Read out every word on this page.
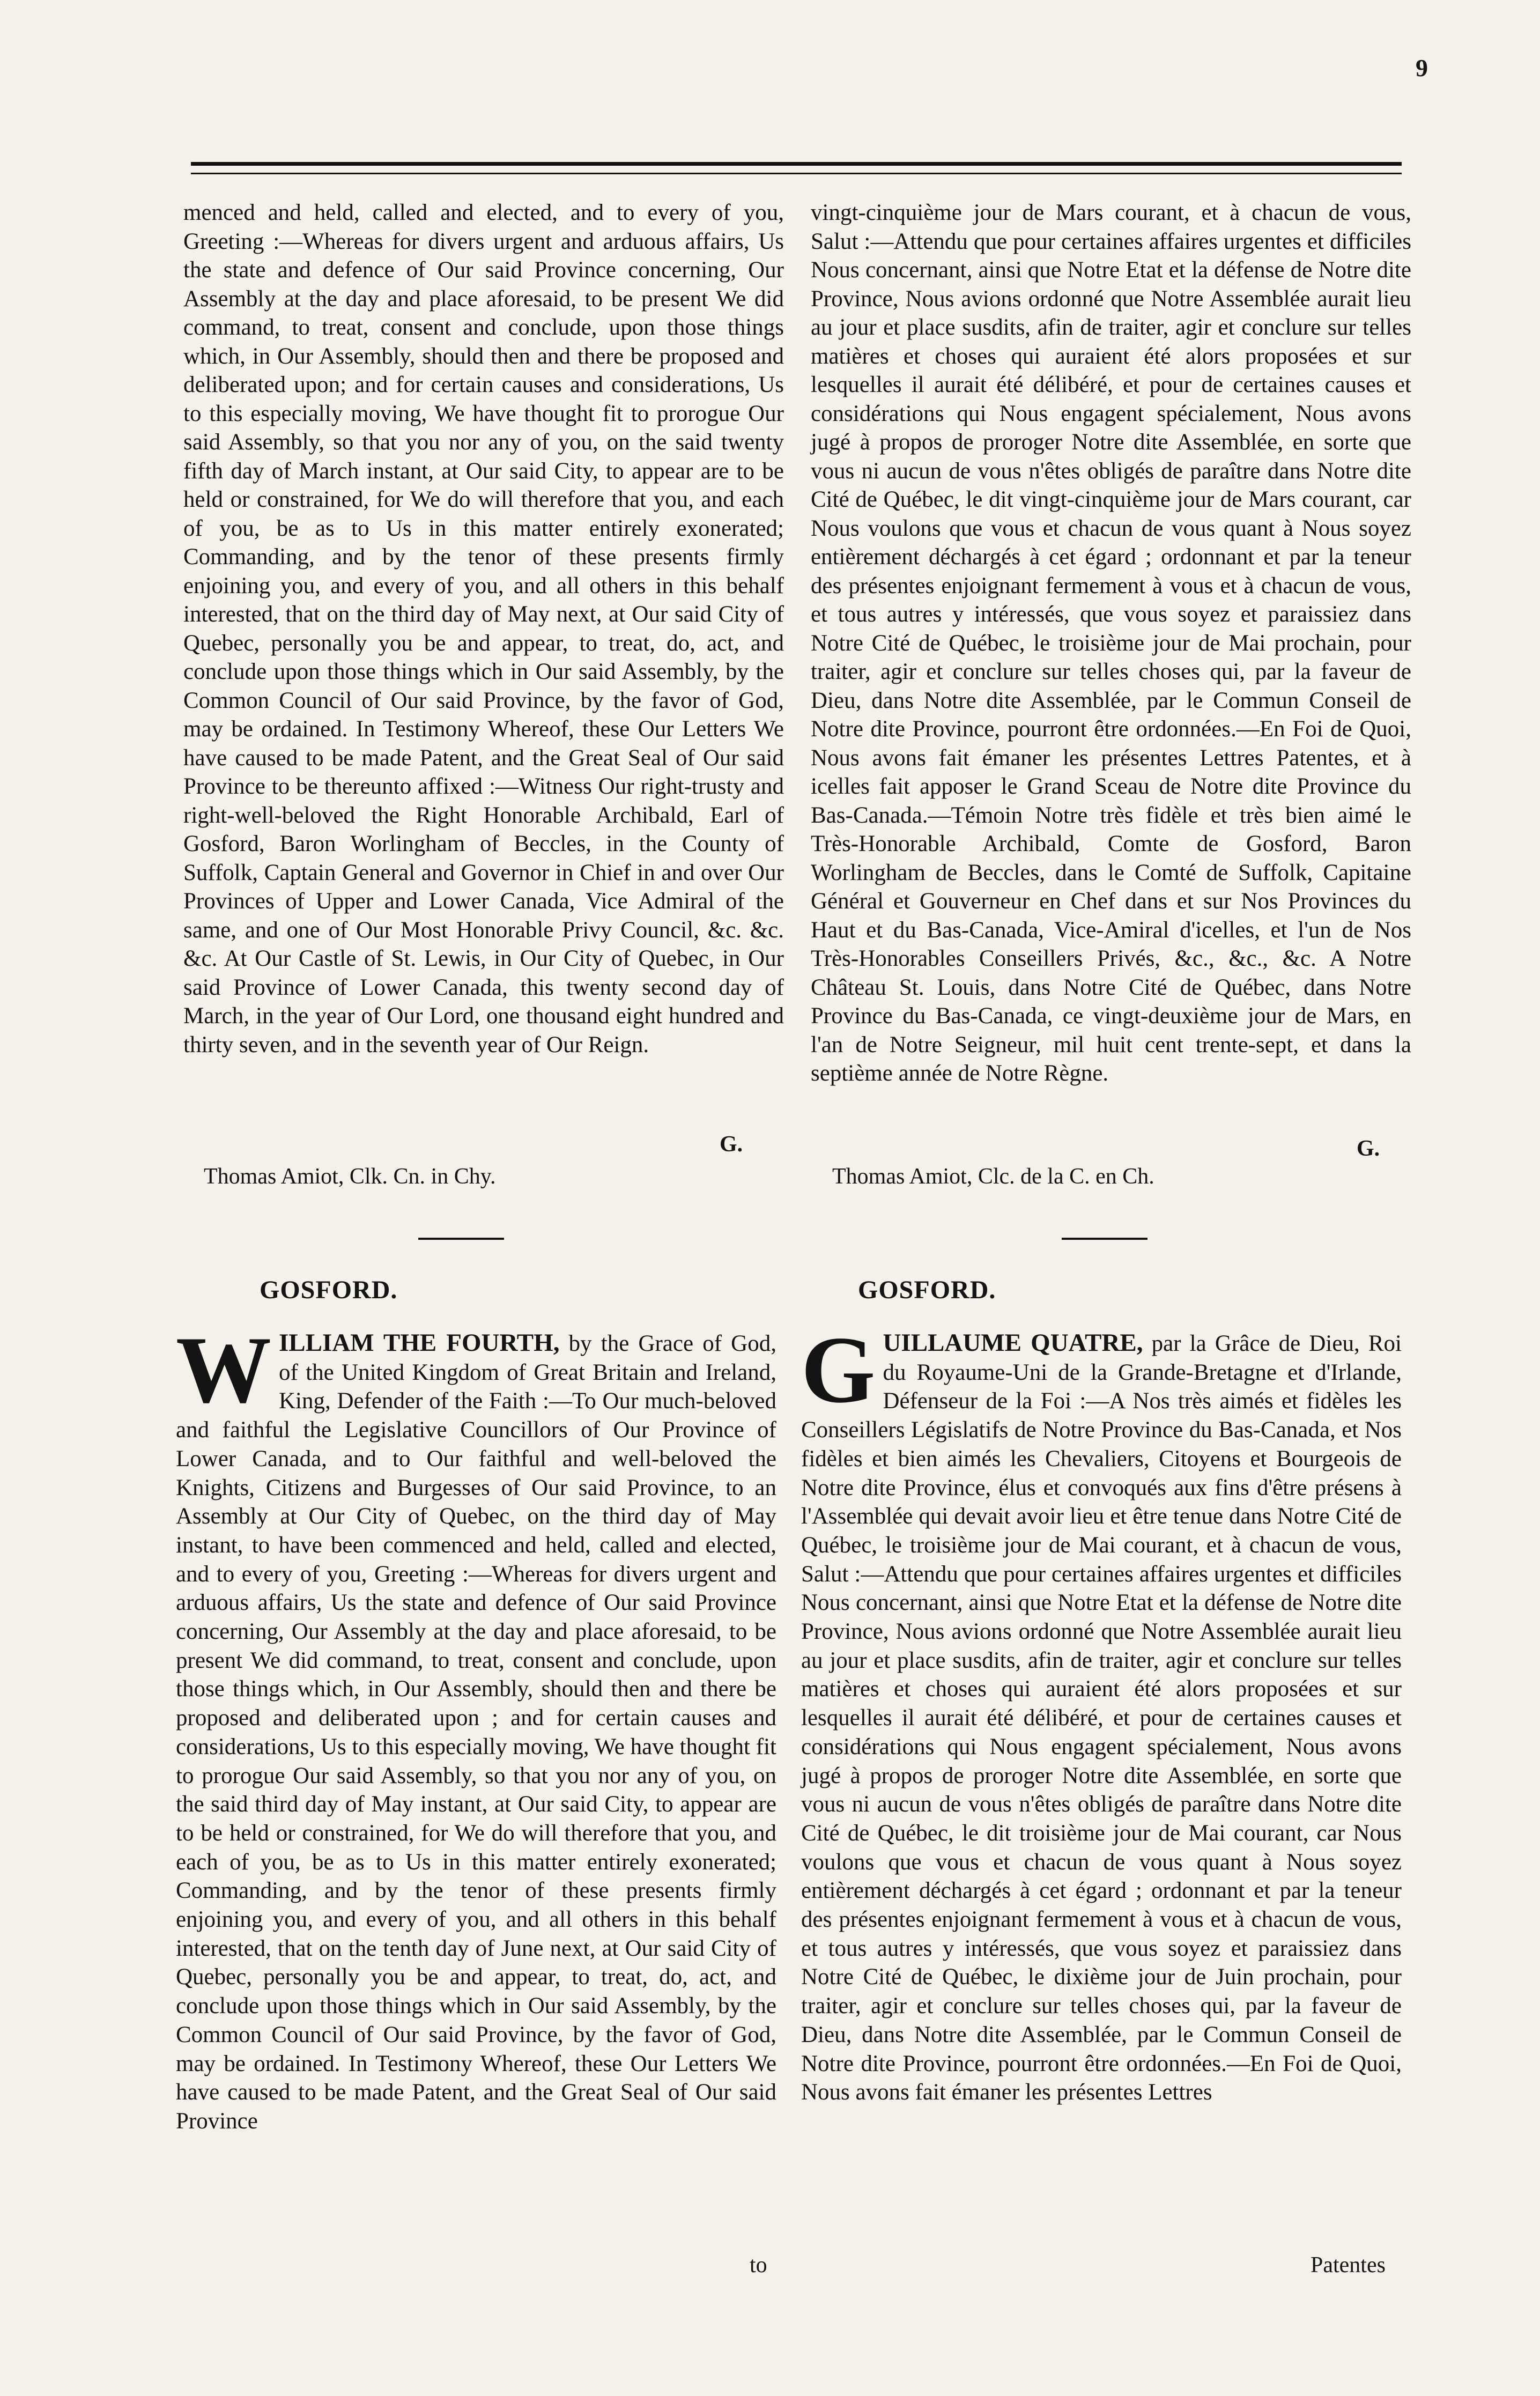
9

menced and held, called and elected, and to every of you, Greeting :—Whereas for divers urgent and arduous affairs, Us the state and defence of Our said Province concerning, Our Assembly at the day and place aforesaid, to be present We did command, to treat, consent and conclude, upon those things which, in Our Assembly, should then and there be proposed and deliberated upon; and for certain causes and considerations, Us to this especially moving, We have thought fit to prorogue Our said Assembly, so that you nor any of you, on the said twenty fifth day of March instant, at Our said City, to appear are to be held or constrained, for We do will therefore that you, and each of you, be as to Us in this matter entirely exonerated; Commanding, and by the tenor of these presents firmly enjoining you, and every of you, and all others in this behalf interested, that on the third day of May next, at Our said City of Quebec, personally you be and appear, to treat, do, act, and conclude upon those things which in Our said Assembly, by the Common Council of Our said Province, by the favor of God, may be ordained. In Testimony Whereof, these Our Letters We have caused to be made Patent, and the Great Seal of Our said Province to be thereunto affixed :—Witness Our right-trusty and right-well-beloved the Right Honorable Archibald, Earl of Gosford, Baron Worlingham of Beccles, in the County of Suffolk, Captain General and Governor in Chief in and over Our Provinces of Upper and Lower Canada, Vice Admiral of the same, and one of Our Most Honorable Privy Council, &c. &c. &c. At Our Castle of St. Lewis, in Our City of Quebec, in Our said Province of Lower Canada, this twenty second day of March, in the year of Our Lord, one thousand eight hundred and thirty seven, and in the seventh year of Our Reign.

vingt-cinquième jour de Mars courant, et à chacun de vous, Salut :—Attendu que pour certaines affaires urgentes et difficiles Nous concernant, ainsi que Notre Etat et la défense de Notre dite Province, Nous avions ordonné que Notre Assemblée aurait lieu au jour et place susdits, afin de traiter, agir et conclure sur telles matières et choses qui auraient été alors proposées et sur lesquelles il aurait été délibéré, et pour de certaines causes et considérations qui Nous engagent spécialement, Nous avons jugé à propos de proroger Notre dite Assemblée, en sorte que vous ni aucun de vous n'êtes obligés de paraître dans Notre dite Cité de Québec, le dit vingt-cinquième jour de Mars courant, car Nous voulons que vous et chacun de vous quant à Nous soyez entièrement déchargés à cet égard ; ordonnant et par la teneur des présentes enjoignant fermement à vous et à chacun de vous, et tous autres y intéressés, que vous soyez et paraissiez dans Notre Cité de Québec, le troisième jour de Mai prochain, pour traiter, agir et conclure sur telles choses qui, par la faveur de Dieu, dans Notre dite Assemblée, par le Commun Conseil de Notre dite Province, pourront être ordonnées.—En Foi de Quoi, Nous avons fait émaner les présentes Lettres Patentes, et à icelles fait apposer le Grand Sceau de Notre dite Province du Bas-Canada.—Témoin Notre très fidèle et très bien aimé le Très-Honorable Archibald, Comte de Gosford, Baron Worlingham de Beccles, dans le Comté de Suffolk, Capitaine Général et Gouverneur en Chef dans et sur Nos Provinces du Haut et du Bas-Canada, Vice-Amiral d'icelles, et l'un de Nos Très-Honorables Conseillers Privés, &c., &c., &c. A Notre Château St. Louis, dans Notre Cité de Québec, dans Notre Province du Bas-Canada, ce vingt-deuxième jour de Mars, en l'an de Notre Seigneur, mil huit cent trente-sept, et dans la septième année de Notre Règne.

G.	G.
Thomas Amiot, Clk. Cn. in Chy.	Thomas Amiot, Clc. de la C. en Ch.
GOSFORD.	GOSFORD.
W ILLIAM THE FOURTH, by the Grace of God, of the United Kingdom of Great Britain and Ireland, King, Defender of the Faith :—To Our much-beloved and faithful the Legislative Councillors of Our Province of Lower Canada, and to Our faithful and well-beloved the Knights, Citizens and Burgesses of Our said Province, to an Assembly at Our City of Quebec, on the third day of May instant, to have been commenced and held, called and elected, and to every of you, Greeting :—Whereas for divers urgent and arduous affairs, Us the state and defence of Our said Province concerning, Our Assembly at the day and place aforesaid, to be present We did command, to treat, consent and conclude, upon those things which, in Our Assembly, should then and there be proposed and deliberated upon ; and for certain causes and considerations, Us to this especially moving, We have thought fit to prorogue Our said Assembly, so that you nor any of you, on the said third day of May instant, at Our said City, to appear are to be held or constrained, for We do will therefore that you, and each of you, be as to Us in this matter entirely exonerated; Commanding, and by the tenor of these presents firmly enjoining you, and every of you, and all others in this behalf interested, that on the tenth day of June next, at Our said City of Quebec, personally you be and appear, to treat, do, act, and conclude upon those things which in Our said Assembly, by the Common Council of Our said Province, by the favor of God, may be ordained. In Testimony Whereof, these Our Letters We have caused to be made Patent, and the Great Seal of Our said Province
G UILLAUME QUATRE, par la Grâce de Dieu, Roi du Royaume-Uni de la Grande-Bretagne et d'Irlande, Défenseur de la Foi :—A Nos très aimés et fidèles les Conseillers Législatifs de Notre Province du Bas-Canada, et Nos fidèles et bien aimés les Chevaliers, Citoyens et Bourgeois de Notre dite Province, élus et convoqués aux fins d'être présens à l'Assemblée qui devait avoir lieu et être tenue dans Notre Cité de Québec, le troisième jour de Mai courant, et à chacun de vous, Salut :—Attendu que pour certaines affaires urgentes et difficiles Nous concernant, ainsi que Notre Etat et la défense de Notre dite Province, Nous avions ordonné que Notre Assemblée aurait lieu au jour et place susdits, afin de traiter, agir et conclure sur telles matières et choses qui auraient été alors proposées et sur lesquelles il aurait été délibéré, et pour de certaines causes et considérations qui Nous engagent spécialement, Nous avons jugé à propos de proroger Notre dite Assemblée, en sorte que vous ni aucun de vous n'êtes obligés de paraître dans Notre dite Cité de Québec, le dit troisième jour de Mai courant, car Nous voulons que vous et chacun de vous quant à Nous soyez entièrement déchargés à cet égard ; ordonnant et par la teneur des présentes enjoignant fermement à vous et à chacun de vous, et tous autres y intéressés, que vous soyez et paraissiez dans Notre Cité de Québec, le dixième jour de Juin prochain, pour traiter, agir et conclure sur telles choses qui, par la faveur de Dieu, dans Notre dite Assemblée, par le Commun Conseil de Notre dite Province, pourront être ordonnées.—En Foi de Quoi, Nous avons fait émaner les présentes Lettres
to	Patentes
